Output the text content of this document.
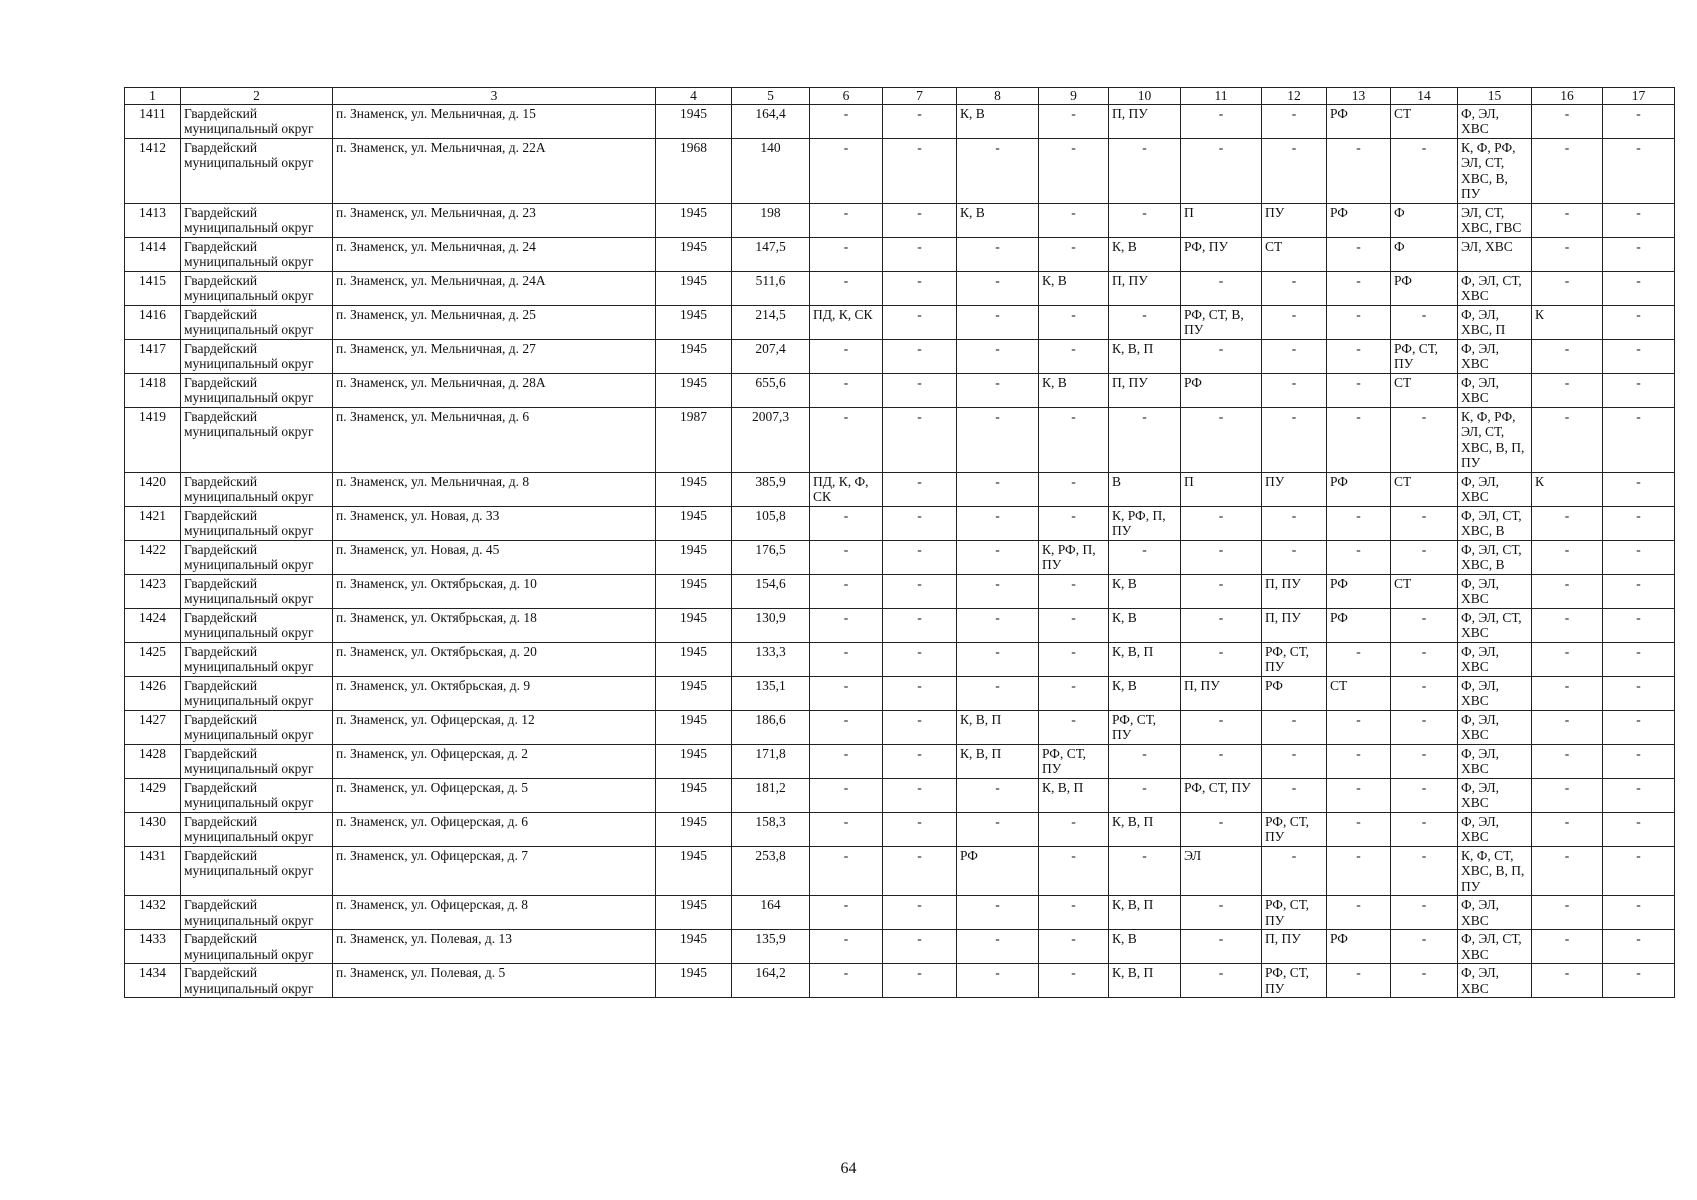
1	2	3	4	5	6	7	8	9	10	11	12	13	14	15	16	17
1411	Гвардейский муниципальный округ	п. Знаменск, ул. Мельничная, д. 15	1945	164,4	-	-	К, В	-	П, ПУ	-	-	РФ	СТ	Ф, ЭЛ, ХВС	-	-
1412	Гвардейский муниципальный округ	п. Знаменск, ул. Мельничная, д. 22А	1968	140	-	-	-	-	-	-	-	-	-	К, Ф, РФ, ЭЛ, СТ, ХВС, В, ПУ	-	-
1413	Гвардейский муниципальный округ	п. Знаменск, ул. Мельничная, д. 23	1945	198	-	-	К, В	-	-	П	ПУ	РФ	Ф	ЭЛ, СТ, ХВС, ГВС	-	-
1414	Гвардейский муниципальный округ	п. Знаменск, ул. Мельничная, д. 24	1945	147,5	-	-	-	-	К, В	РФ, ПУ	СТ	-	Ф	ЭЛ, ХВС	-	-
1415	Гвардейский муниципальный округ	п. Знаменск, ул. Мельничная, д. 24А	1945	511,6	-	-	-	К, В	П, ПУ	-	-	-	РФ	Ф, ЭЛ, СТ, ХВС	-	-
1416	Гвардейский муниципальный округ	п. Знаменск, ул. Мельничная, д. 25	1945	214,5	ПД, К, СК	-	-	-	-	РФ, СТ, В, ПУ	-	-	-	Ф, ЭЛ, ХВС, П	К	-
1417	Гвардейский муниципальный округ	п. Знаменск, ул. Мельничная, д. 27	1945	207,4	-	-	-	-	К, В, П	-	-	-	РФ, СТ, ПУ	Ф, ЭЛ, ХВС	-	-
1418	Гвардейский муниципальный округ	п. Знаменск, ул. Мельничная, д. 28А	1945	655,6	-	-	-	К, В	П, ПУ	РФ	-	-	СТ	Ф, ЭЛ, ХВС	-	-
1419	Гвардейский муниципальный округ	п. Знаменск, ул. Мельничная, д. 6	1987	2007,3	-	-	-	-	-	-	-	-	-	К, Ф, РФ, ЭЛ, СТ, ХВС, В, П, ПУ	-	-
1420	Гвардейский муниципальный округ	п. Знаменск, ул. Мельничная, д. 8	1945	385,9	ПД, К, Ф, СК	-	-	-	В	П	ПУ	РФ	СТ	Ф, ЭЛ, ХВС	К	-
1421	Гвардейский муниципальный округ	п. Знаменск, ул. Новая, д. 33	1945	105,8	-	-	-	-	К, РФ, П, ПУ	-	-	-	-	Ф, ЭЛ, СТ, ХВС, В	-	-
1422	Гвардейский муниципальный округ	п. Знаменск, ул. Новая, д. 45	1945	176,5	-	-	-	К, РФ, П, ПУ	-	-	-	-	-	Ф, ЭЛ, СТ, ХВС, В	-	-
1423	Гвардейский муниципальный округ	п. Знаменск, ул. Октябрьская, д. 10	1945	154,6	-	-	-	-	К, В	-	П, ПУ	РФ	СТ	Ф, ЭЛ, ХВС	-	-
1424	Гвардейский муниципальный округ	п. Знаменск, ул. Октябрьская, д. 18	1945	130,9	-	-	-	-	К, В	-	П, ПУ	РФ	-	Ф, ЭЛ, СТ, ХВС	-	-
1425	Гвардейский муниципальный округ	п. Знаменск, ул. Октябрьская, д. 20	1945	133,3	-	-	-	-	К, В, П	-	РФ, СТ, ПУ	-	-	Ф, ЭЛ, ХВС	-	-
1426	Гвардейский муниципальный округ	п. Знаменск, ул. Октябрьская, д. 9	1945	135,1	-	-	-	-	К, В	П, ПУ	РФ	СТ	-	Ф, ЭЛ, ХВС	-	-
1427	Гвардейский муниципальный округ	п. Знаменск, ул. Офицерская, д. 12	1945	186,6	-	-	К, В, П	-	РФ, СТ, ПУ	-	-	-	-	Ф, ЭЛ, ХВС	-	-
1428	Гвардейский муниципальный округ	п. Знаменск, ул. Офицерская, д. 2	1945	171,8	-	-	К, В, П	РФ, СТ, ПУ	-	-	-	-	-	Ф, ЭЛ, ХВС	-	-
1429	Гвардейский муниципальный округ	п. Знаменск, ул. Офицерская, д. 5	1945	181,2	-	-	-	К, В, П	-	РФ, СТ, ПУ	-	-	-	Ф, ЭЛ, ХВС	-	-
1430	Гвардейский муниципальный округ	п. Знаменск, ул. Офицерская, д. 6	1945	158,3	-	-	-	-	К, В, П	-	РФ, СТ, ПУ	-	-	Ф, ЭЛ, ХВС	-	-
1431	Гвардейский муниципальный округ	п. Знаменск, ул. Офицерская, д. 7	1945	253,8	-	-	РФ	-	-	ЭЛ	-	-	-	К, Ф, СТ, ХВС, В, П, ПУ	-	-
1432	Гвардейский муниципальный округ	п. Знаменск, ул. Офицерская, д. 8	1945	164	-	-	-	-	К, В, П	-	РФ, СТ, ПУ	-	-	Ф, ЭЛ, ХВС	-	-
1433	Гвардейский муниципальный округ	п. Знаменск, ул. Полевая, д. 13	1945	135,9	-	-	-	-	К, В	-	П, ПУ	РФ	-	Ф, ЭЛ, СТ, ХВС	-	-
1434	Гвардейский муниципальный округ	п. Знаменск, ул. Полевая, д. 5	1945	164,2	-	-	-	-	К, В, П	-	РФ, СТ, ПУ	-	-	Ф, ЭЛ, ХВС	-	-
64
